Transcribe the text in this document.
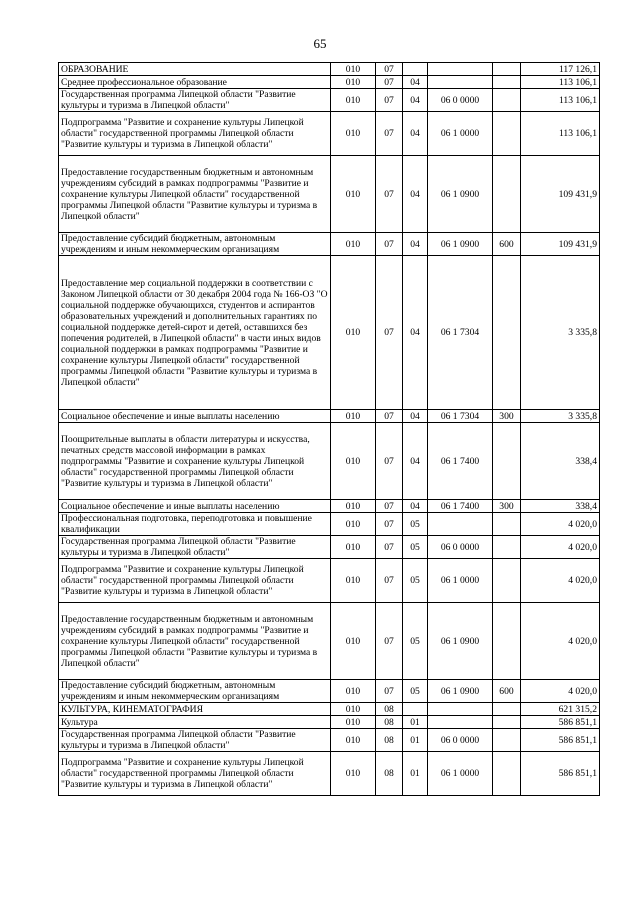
65
ОБРАЗОВАНИЕ	010	07				117 126,1
Среднее профессиональное образование	010	07	04			113 106,1
Государственная программа Липецкой области "Развитие культуры и туризма в Липецкой области"	010	07	04	06 0 0000		113 106,1
Подпрограмма "Развитие и сохранение культуры Липецкой области" государственной программы Липецкой области "Развитие культуры и туризма в Липецкой области"	010	07	04	06 1 0000		113 106,1
Предоставление государственным бюджетным и автономным учреждениям субсидий в рамках подпрограммы "Развитие и сохранение культуры Липецкой области" государственной программы Липецкой области "Развитие культуры и туризма в Липецкой области"	010	07	04	06 1 0900		109 431,9
Предоставление субсидий бюджетным, автономным учреждениям и иным некоммерческим организациям	010	07	04	06 1 0900	600	109 431,9
Предоставление мер социальной поддержки в соответствии с Законом Липецкой области от 30 декабря 2004 года № 166-ОЗ "О социальной поддержке обучающихся, студентов и аспирантов образовательных учреждений и дополнительных гарантиях по социальной поддержке детей-сирот и детей, оставшихся без попечения родителей, в Липецкой области" в части иных видов социальной поддержки в рамках подпрограммы "Развитие и сохранение культуры Липецкой области" государственной программы Липецкой области "Развитие культуры и туризма в Липецкой области"	010	07	04	06 1 7304		3 335,8
Социальное обеспечение и иные выплаты населению	010	07	04	06 1 7304	300	3 335,8
Поощрительные выплаты в области литературы и искусства, печатных средств массовой информации в рамках подпрограммы "Развитие и сохранение культуры Липецкой области" государственной программы Липецкой области "Развитие культуры и туризма в Липецкой области"	010	07	04	06 1 7400		338,4
Социальное обеспечение и иные выплаты населению	010	07	04	06 1 7400	300	338,4
Профессиональная подготовка, переподготовка и повышение квалификации	010	07	05			4 020,0
Государственная программа Липецкой области "Развитие культуры и туризма в Липецкой области"	010	07	05	06 0 0000		4 020,0
Подпрограмма "Развитие и сохранение культуры Липецкой области" государственной программы Липецкой области "Развитие культуры и туризма в Липецкой области"	010	07	05	06 1 0000		4 020,0
Предоставление государственным бюджетным и автономным учреждениям субсидий в рамках подпрограммы "Развитие и сохранение культуры Липецкой области" государственной программы Липецкой области "Развитие культуры и туризма в Липецкой области"	010	07	05	06 1 0900		4 020,0
Предоставление субсидий бюджетным, автономным учреждениям и иным некоммерческим организациям	010	07	05	06 1 0900	600	4 020,0
КУЛЬТУРА, КИНЕМАТОГРАФИЯ	010	08				621 315,2
Культура	010	08	01			586 851,1
Государственная программа Липецкой области "Развитие культуры и туризма в Липецкой области"	010	08	01	06 0 0000		586 851,1
Подпрограмма "Развитие и сохранение культуры Липецкой области" государственной программы Липецкой области "Развитие культуры и туризма в Липецкой области"	010	08	01	06 1 0000		586 851,1
